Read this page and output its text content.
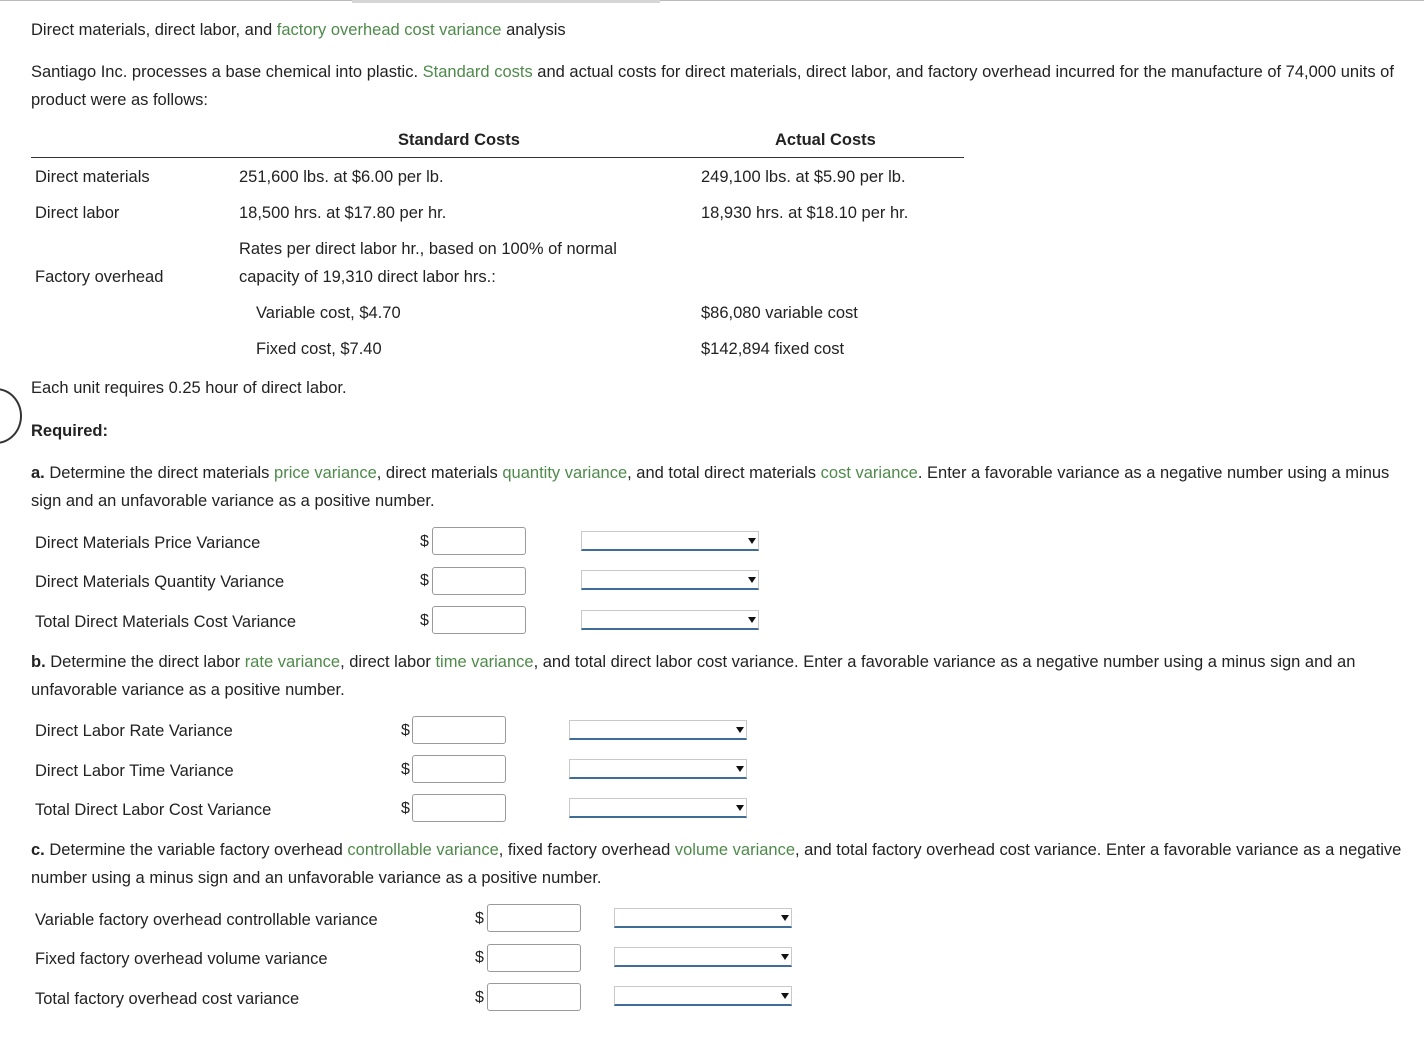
Direct materials, direct labor, and factory overhead cost variance analysis
Santiago Inc. processes a base chemical into plastic. Standard costs and actual costs for direct materials, direct labor, and factory overhead incurred for the manufacture of 74,000 units of product were as follows:
Standard Costs	Actual Costs
Direct materials	251,600 lbs. at $6.00 per lb.	249,100 lbs. at $5.90 per lb.
Direct labor	18,500 hrs. at $17.80 per hr.	18,930 hrs. at $18.10 per hr.
Rates per direct labor hr., based on 100% of normal
Factory overhead	capacity of 19,310 direct labor hrs.:
Variable cost, $4.70	$86,080 variable cost
Fixed cost, $7.40	$142,894 fixed cost
Each unit requires 0.25 hour of direct labor.
Required:
a. Determine the direct materials price variance, direct materials quantity variance, and total direct materials cost variance. Enter a favorable variance as a negative number using a minus sign and an unfavorable variance as a positive number.
Direct Materials Price Variance	$
Direct Materials Quantity Variance	$
Total Direct Materials Cost Variance	$
b. Determine the direct labor rate variance, direct labor time variance, and total direct labor cost variance. Enter a favorable variance as a negative number using a minus sign and an unfavorable variance as a positive number.
Direct Labor Rate Variance	$
Direct Labor Time Variance	$
Total Direct Labor Cost Variance	$
c. Determine the variable factory overhead controllable variance, fixed factory overhead volume variance, and total factory overhead cost variance. Enter a favorable variance as a negative number using a minus sign and an unfavorable variance as a positive number.
Variable factory overhead controllable variance	$
Fixed factory overhead volume variance	$
Total factory overhead cost variance	$
